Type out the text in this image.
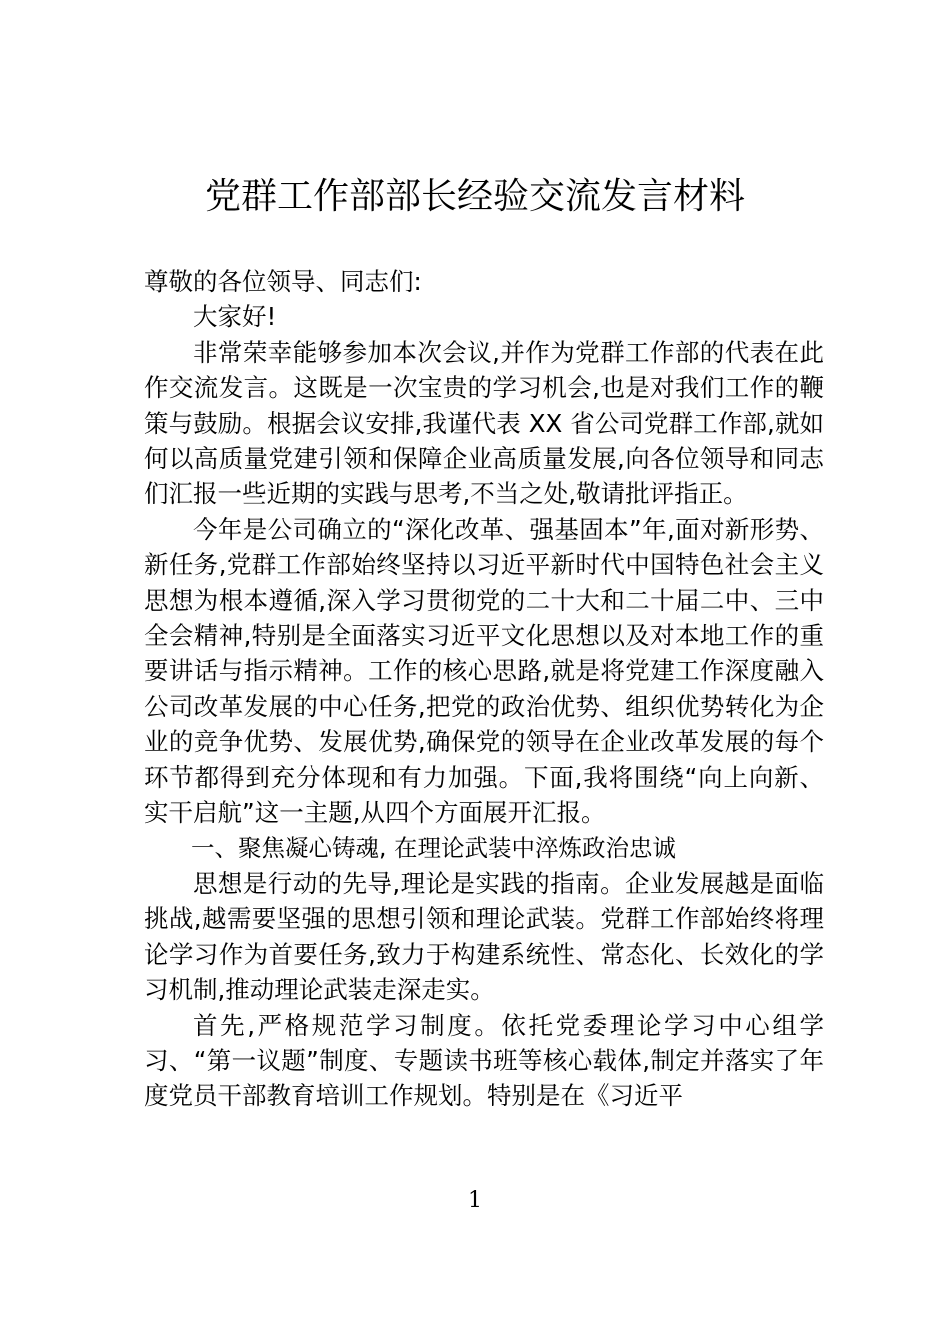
党群工作部部长经验交流发言材料

尊敬的各位领导、同志们:

大家好!

非常荣幸能够参加本次会议,并作为党群工作部的代表在此作交流发言。这既是一次宝贵的学习机会,也是对我们工作的鞭策与鼓励。根据会议安排,我谨代表 XX 省公司党群工作部,就如何以高质量党建引领和保障企业高质量发展,向各位领导和同志们汇报一些近期的实践与思考,不当之处,敬请批评指正。

今年是公司确立的“深化改革、强基固本”年,面对新形势、新任务,党群工作部始终坚持以习近平新时代中国特色社会主义思想为根本遵循,深入学习贯彻党的二十大和二十届二中、三中全会精神,特别是全面落实习近平文化思想以及对本地工作的重要讲话与指示精神。工作的核心思路,就是将党建工作深度融入公司改革发展的中心任务,把党的政治优势、组织优势转化为企业的竞争优势、发展优势,确保党的领导在企业改革发展的每个环节都得到充分体现和有力加强。下面,我将围绕“向上向新、实干启航”这一主题,从四个方面展开汇报。

一、聚焦凝心铸魂, 在理论武装中淬炼政治忠诚

思想是行动的先导,理论是实践的指南。企业发展越是面临挑战,越需要坚强的思想引领和理论武装。党群工作部始终将理论学习作为首要任务,致力于构建系统性、常态化、长效化的学习机制,推动理论武装走深走实。

首先,严格规范学习制度。依托党委理论学习中心组学习、“第一议题”制度、专题读书班等核心载体,制定并落实了年度党员干部教育培训工作规划。特别是在《习近平

1
